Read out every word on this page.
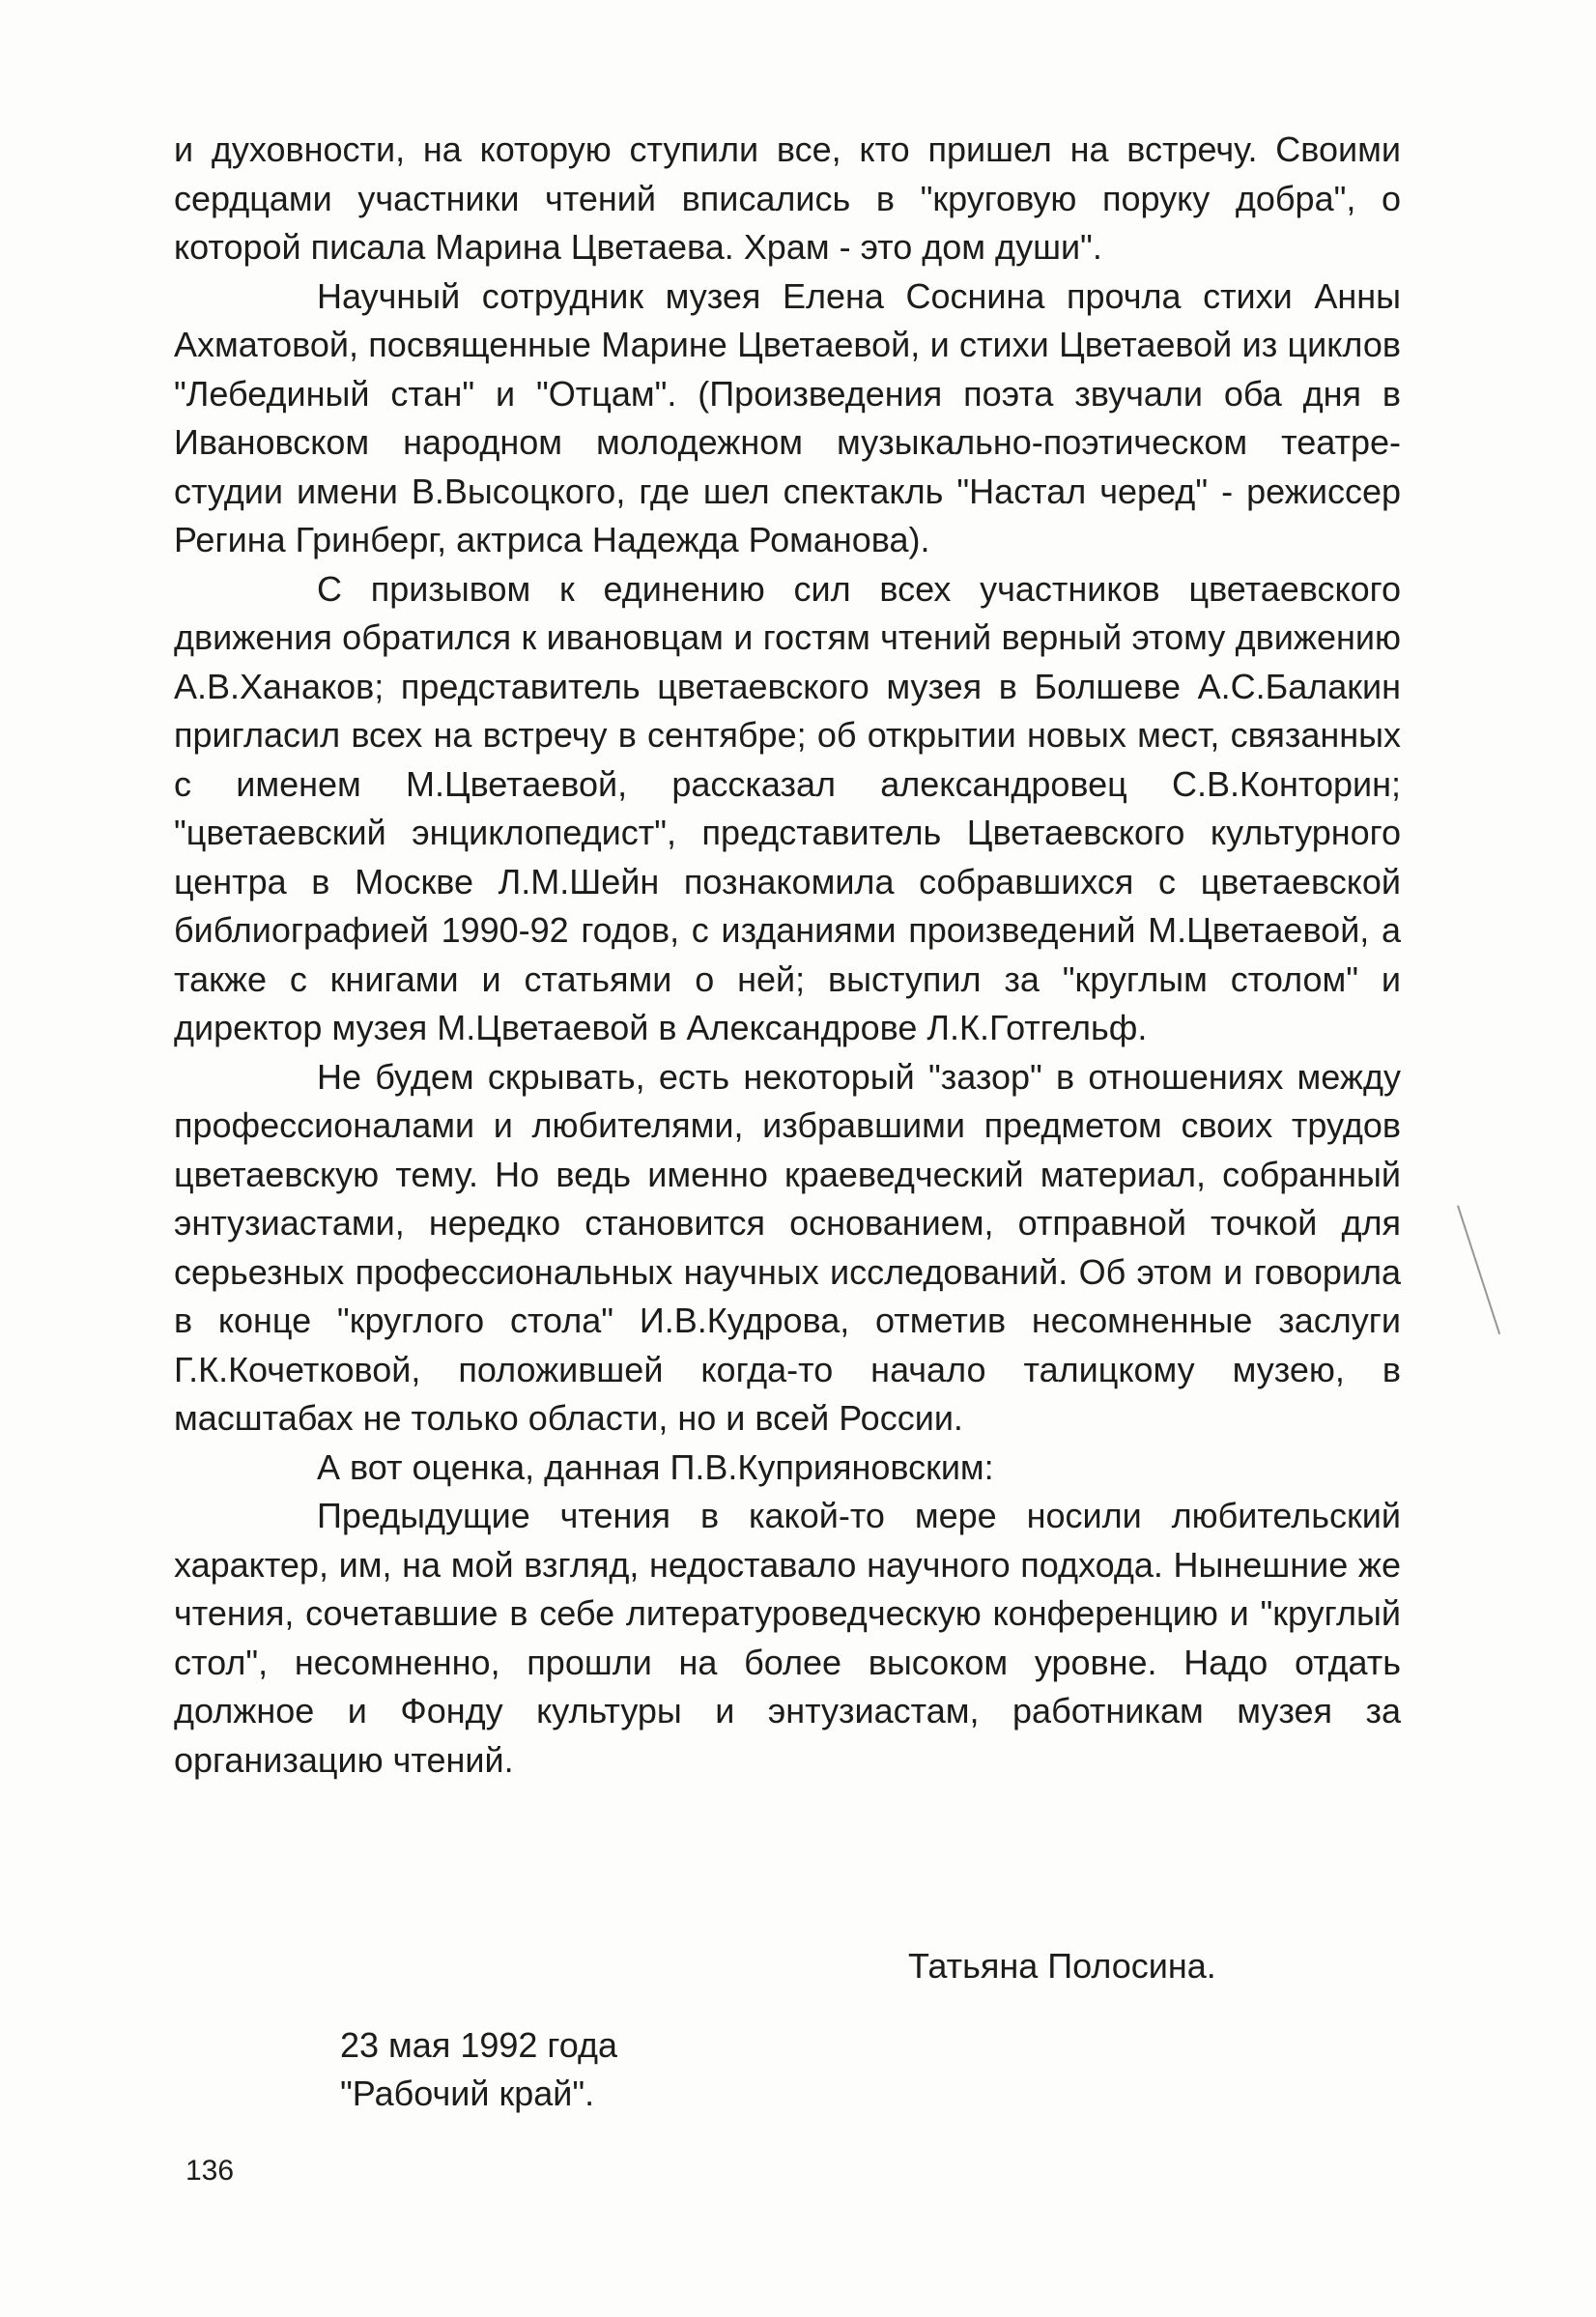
и духовности, на которую ступили все, кто пришел на встречу. Своими сердцами участники чтений вписались в "круговую поруку добра", о которой писала Марина Цветаева. Храм - это дом души".

Научный сотрудник музея Елена Соснина прочла стихи Анны Ахматовой, посвященные Марине Цветаевой, и стихи Цветаевой из циклов "Лебединый стан" и "Отцам". (Произведения поэта звучали оба дня в Ивановском народном молодежном музыкально-поэтическом театре-студии имени В.Высоцкого, где шел спектакль "Настал черед" - режиссер Регина Гринберг, актриса Надежда Романова).

С призывом к единению сил всех участников цветаевского движения обратился к ивановцам и гостям чтений верный этому движению А.В.Ханаков; представитель цветаевского музея в Болшеве А.С.Балакин пригласил всех на встречу в сентябре; об открытии новых мест, связанных с именем М.Цветаевой, рассказал александровец С.В.Конторин; "цветаевский энциклопедист", представитель Цветаевского культурного центра в Москве Л.М.Шейн познакомила собравшихся с цветаевской библиографией 1990-92 годов, с изданиями произведений М.Цветаевой, а также с книгами и статьями о ней; выступил за "круглым столом" и директор музея М.Цветаевой в Александрове Л.К.Готгельф.

Не будем скрывать, есть некоторый "зазор" в отношениях между профессионалами и любителями, избравшими предметом своих трудов цветаевскую тему. Но ведь именно краеведческий материал, собранный энтузиастами, нередко становится основанием, отправной точкой для серьезных профессиональных научных исследований. Об этом и говорила в конце "круглого стола" И.В.Кудрова, отметив несомненные заслуги Г.К.Кочетковой, положившей когда-то начало талицкому музею, в масштабах не только области, но и всей России.

А вот оценка, данная П.В.Куприяновским:

Предыдущие чтения в какой-то мере носили любительский характер, им, на мой взгляд, недоставало научного подхода. Нынешние же чтения, сочетавшие в себе литературоведческую конференцию и "круглый стол", несомненно, прошли на более высоком уровне. Надо отдать должное и Фонду культуры и энтузиастам, работникам музея за организацию чтений.

Татьяна Полосина.
23 мая 1992 года
"Рабочий край".
136
